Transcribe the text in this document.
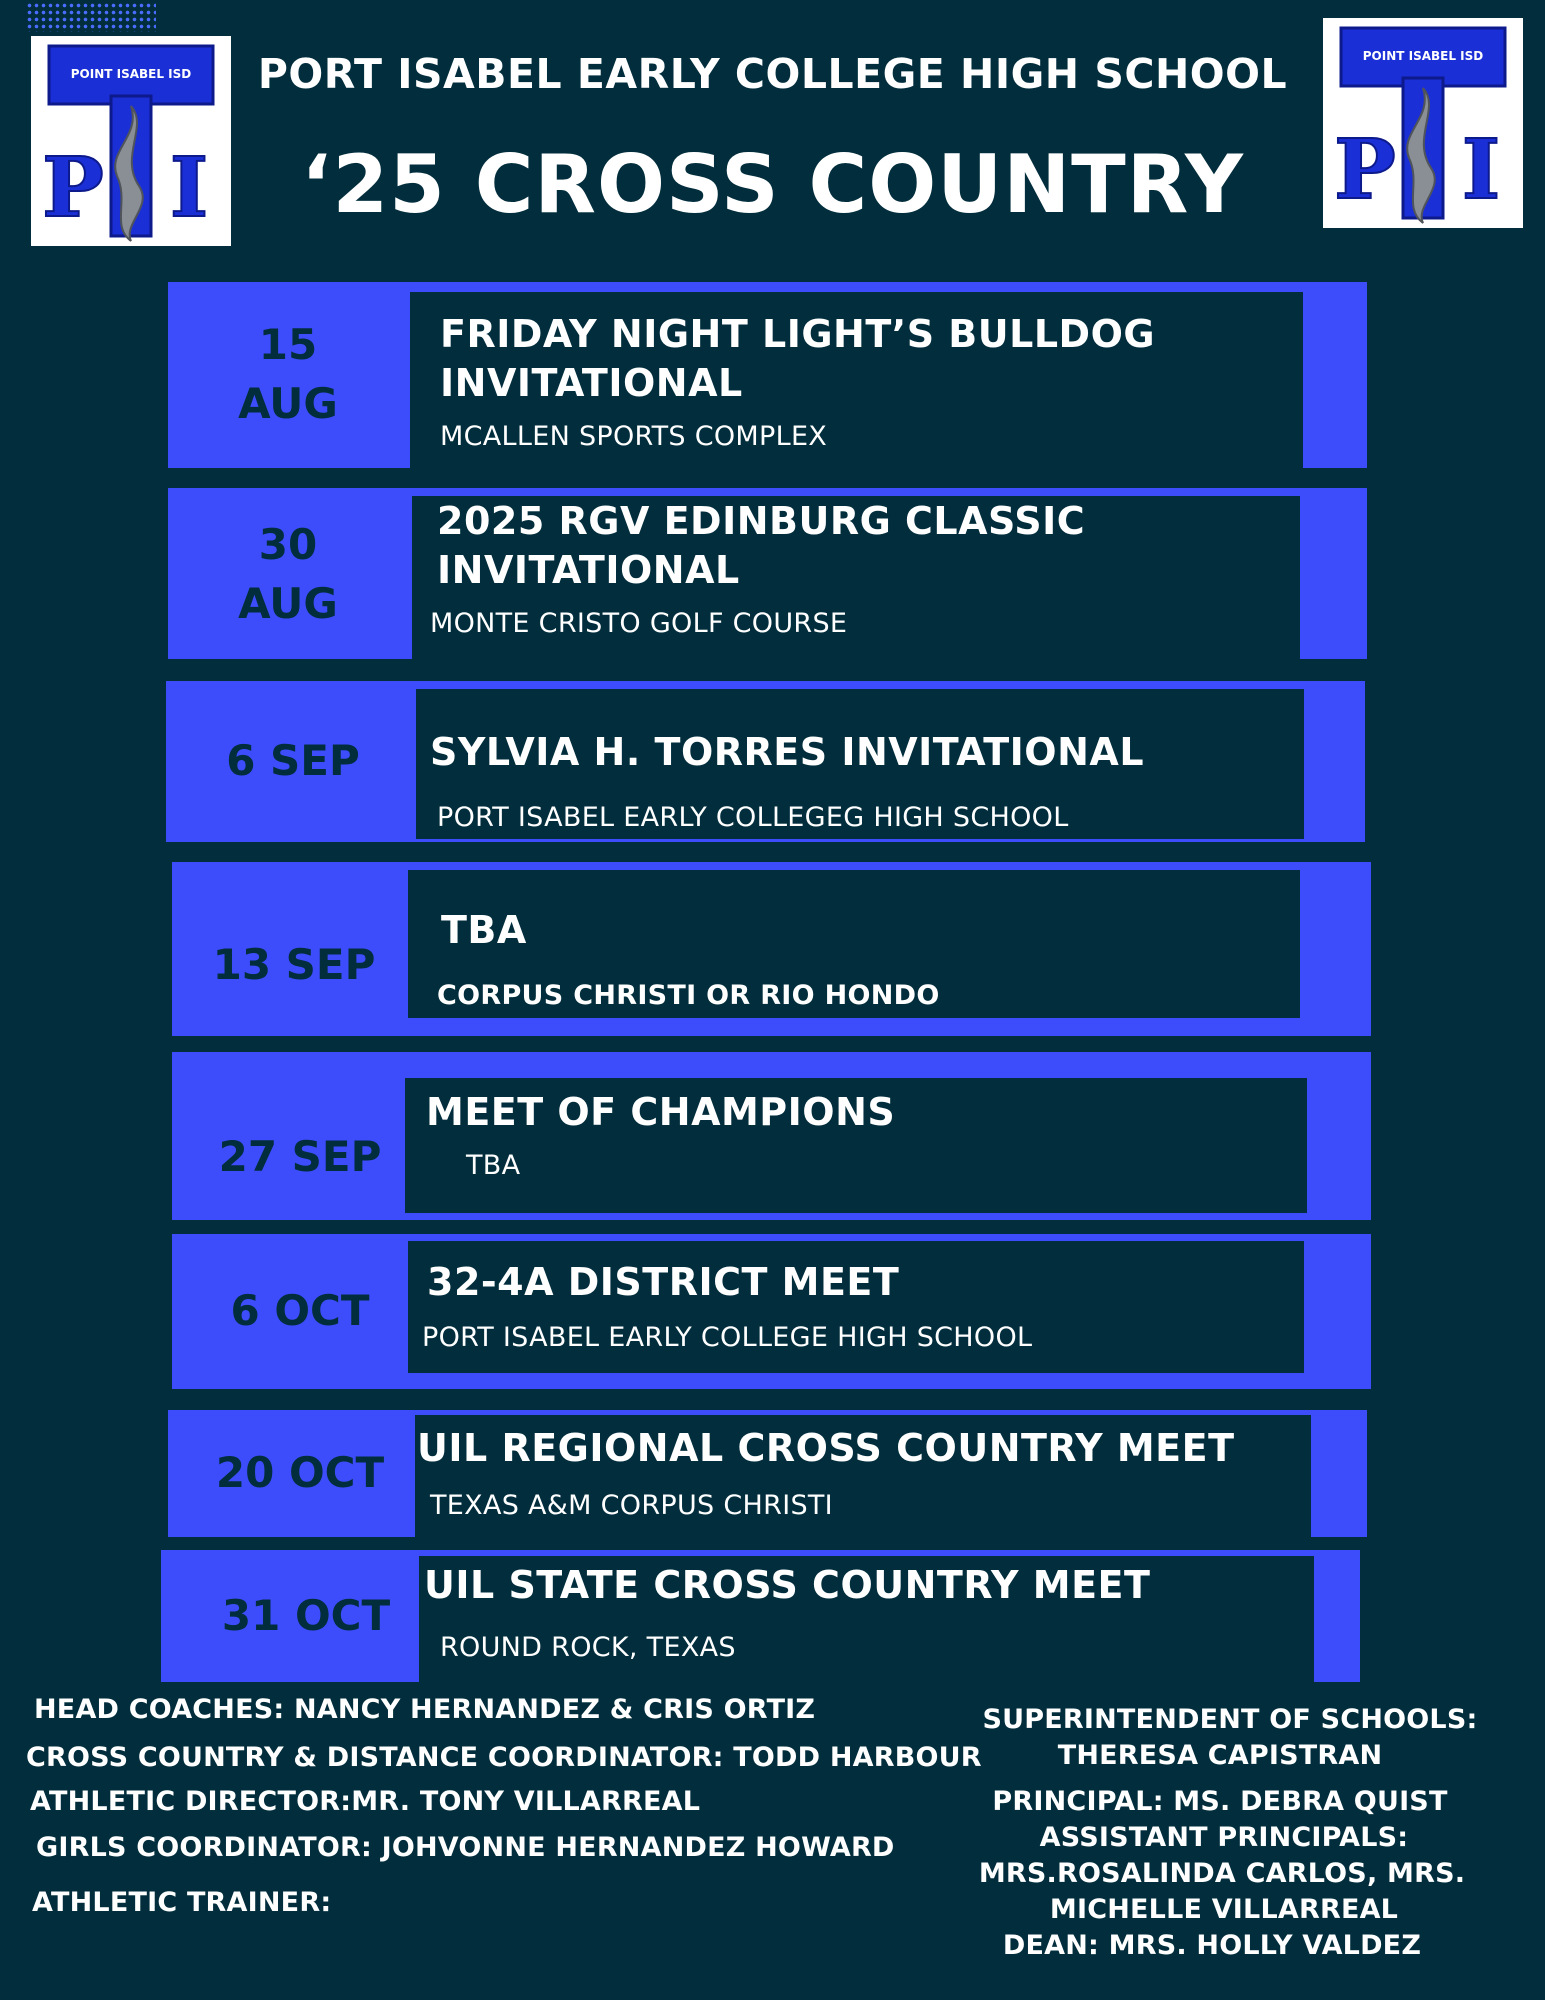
POINT ISABEL ISD
P I
POINT ISABEL ISD
P I
PORT ISABEL EARLY COLLEGE HIGH SCHOOL
‘25 CROSS COUNTRY
15
AUG
FRIDAY NIGHT LIGHT’S BULLDOG INVITATIONAL
MCALLEN SPORTS COMPLEX
30
AUG
2025 RGV EDINBURG CLASSIC INVITATIONAL
MONTE CRISTO GOLF COURSE
6 SEP	SYLVIA H. TORRES INVITATIONAL
PORT ISABEL EARLY COLLEGEG HIGH SCHOOL
13 SEP
TBA
CORPUS CHRISTI OR RIO HONDO
27 SEP
MEET OF CHAMPIONS
TBA
6 OCT
32-4A DISTRICT MEET
PORT ISABEL EARLY COLLEGE HIGH SCHOOL
20 OCT
UIL REGIONAL CROSS COUNTRY MEET
TEXAS A&M CORPUS CHRISTI
31 OCT
UIL STATE CROSS COUNTRY MEET
ROUND ROCK, TEXAS
HEAD COACHES: NANCY HERNANDEZ & CRIS ORTIZ
CROSS COUNTRY & DISTANCE COORDINATOR: TODD HARBOUR
ATHLETIC DIRECTOR:MR. TONY VILLARREAL
GIRLS COORDINATOR: JOHVONNE HERNANDEZ HOWARD
ATHLETIC TRAINER:
SUPERINTENDENT OF SCHOOLS:
THERESA CAPISTRAN
PRINCIPAL: MS. DEBRA QUIST
ASSISTANT PRINCIPALS:
MRS.ROSALINDA CARLOS, MRS.
MICHELLE VILLARREAL
DEAN: MRS. HOLLY VALDEZ
